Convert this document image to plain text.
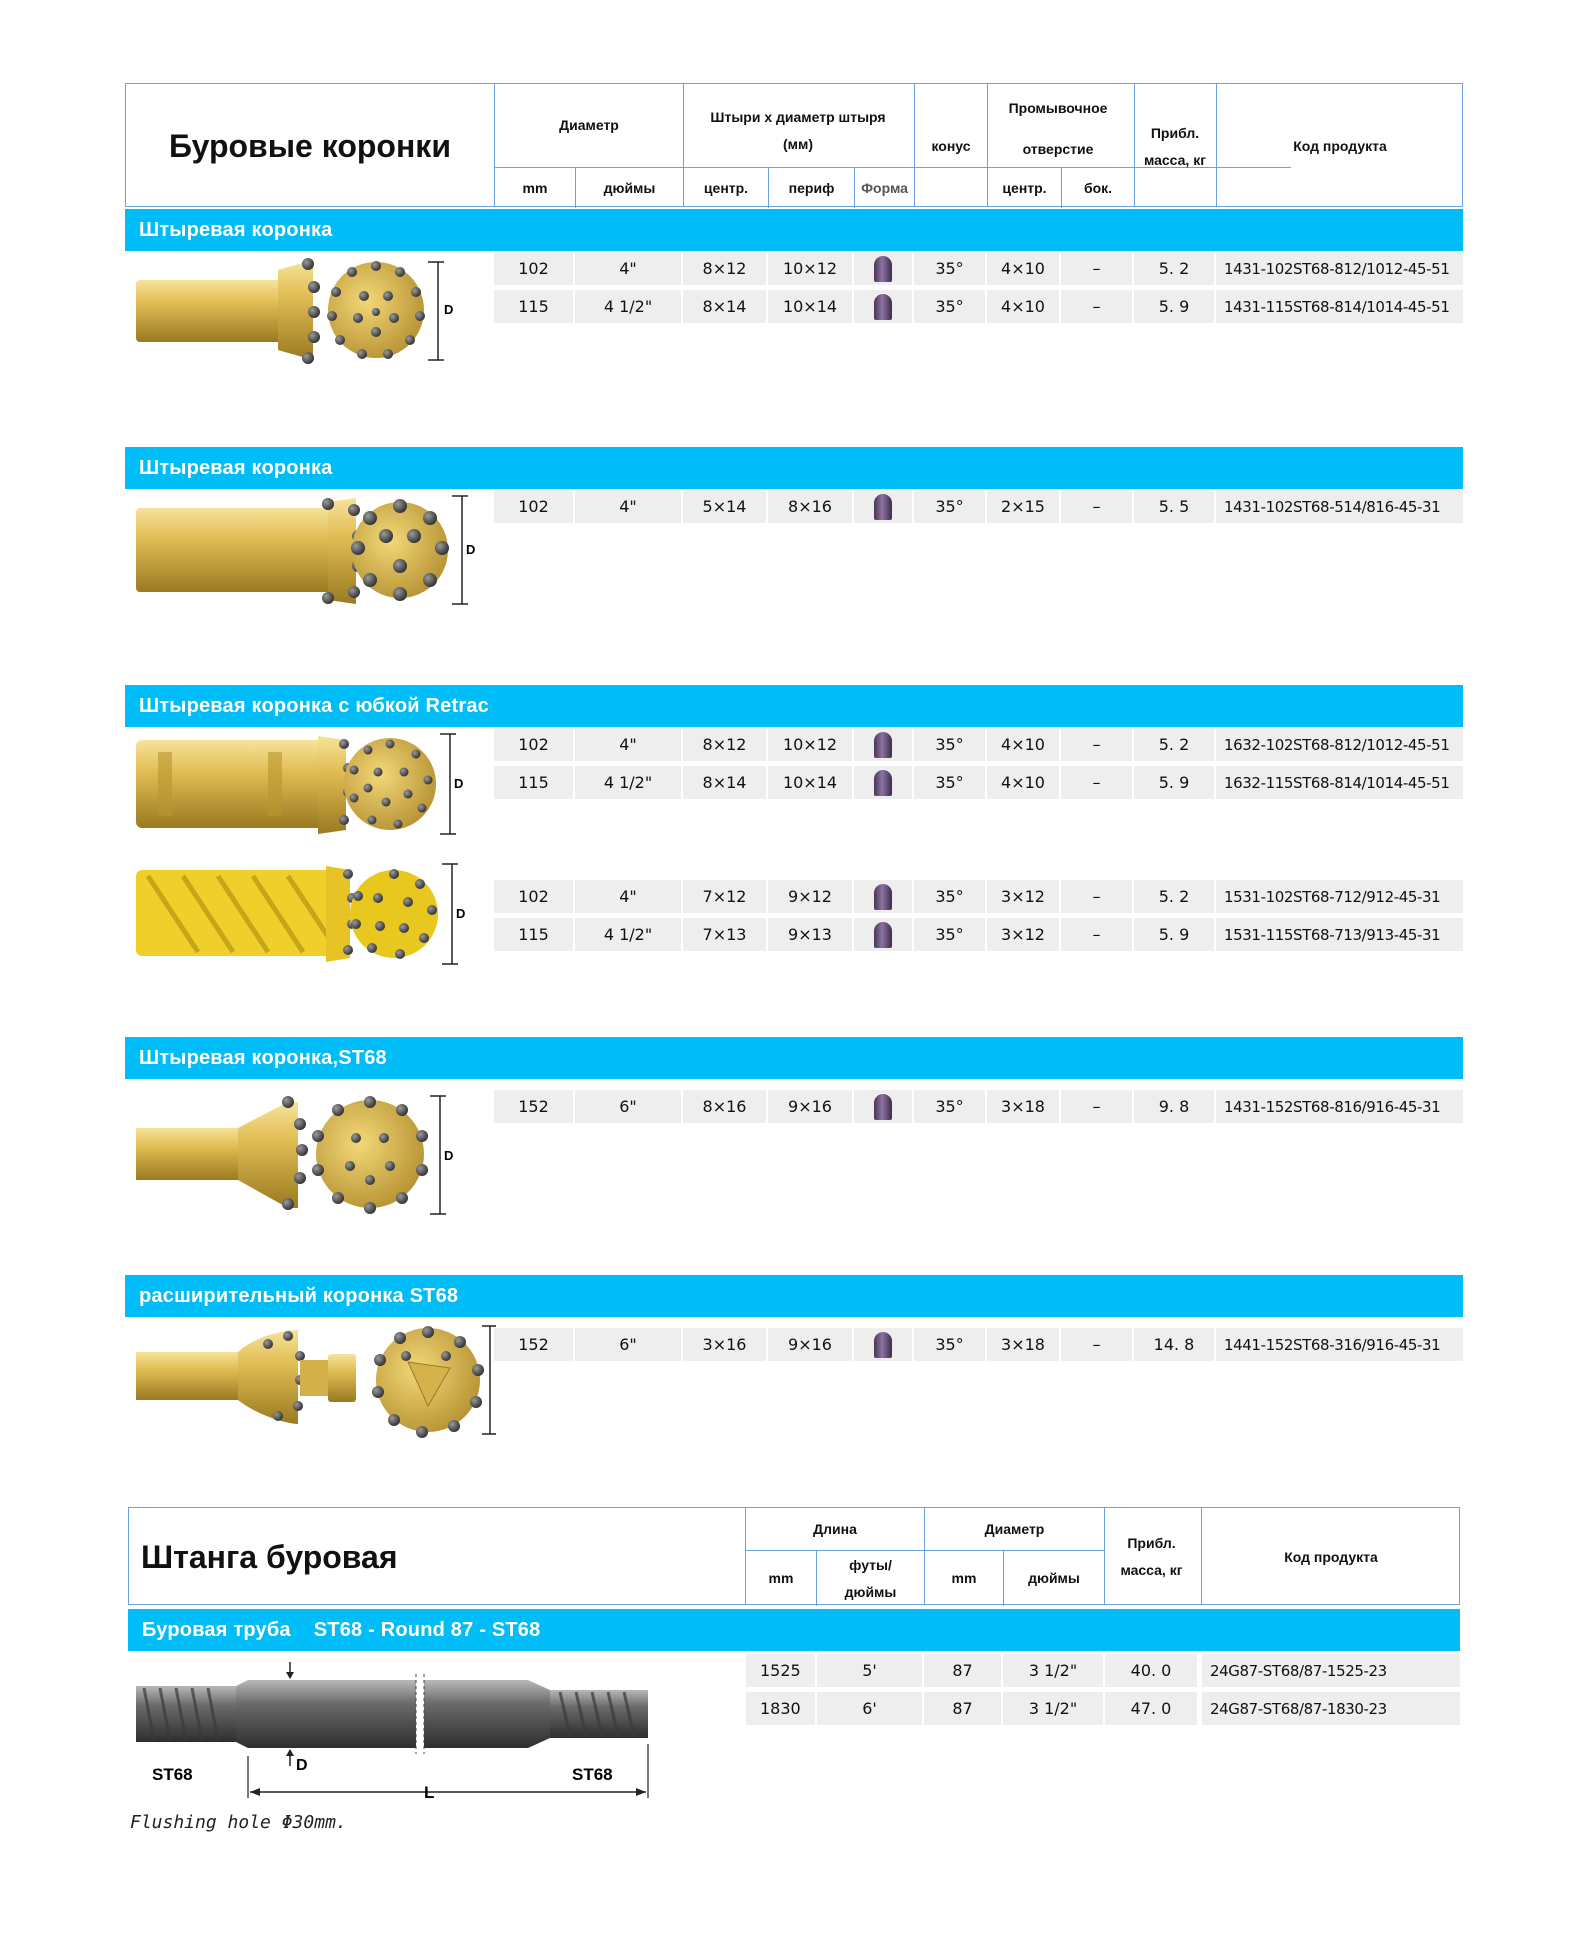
Буровые коронки
Диаметр
mm	дюймы
Штыри х диаметр штыря (мм)
центр.	периф	Форма
конус
Промывочное отверстие
центр.	бок.
Прибл. масса, кг
Код продукта
Штыревая коронка
Штыревая коронка
Штыревая коронка с юбкой Retrac
Штыревая коронка,ST68
расширительный коронка ST68
102	4"	8×12	10×12	35°	4×10	–	5. 2	1431-102ST68-812/1012-45-51
115	4 1/2"	8×14	10×14	35°	4×10	–	5. 9	1431-115ST68-814/1014-45-51
102	4"	5×14	8×16	35°	2×15	–	5. 5	1431-102ST68-514/816-45-31
102	4"	8×12	10×12	35°	4×10	–	5. 2	1632-102ST68-812/1012-45-51
115	4 1/2"	8×14	10×14	35°	4×10	–	5. 9	1632-115ST68-814/1014-45-51
102	4"	7×12	9×12	35°	3×12	–	5. 2	1531-102ST68-712/912-45-31
115	4 1/2"	7×13	9×13	35°	3×12	–	5. 9	1531-115ST68-713/913-45-31
152	6"	8×16	9×16	35°	3×18	–	9. 8	1431-152ST68-816/916-45-31
152	6"	3×16	9×16	35°	3×18	–	14. 8	1441-152ST68-316/916-45-31
D
D
D
D
D
Штанга буровая
Длина
mm
футы/дюймы
Диаметр
mm	дюймы
Прибл. масса, кг
Код продукта
Буровая труба    ST68 - Round 87 - ST68
1525	5'	87	3 1/2"	40. 0	24G87-ST68/87-1525-23
1830	6'	87	3 1/2"	47. 0	24G87-ST68/87-1830-23
D
ST68	ST68
L
Flushing hole Φ30mm.
